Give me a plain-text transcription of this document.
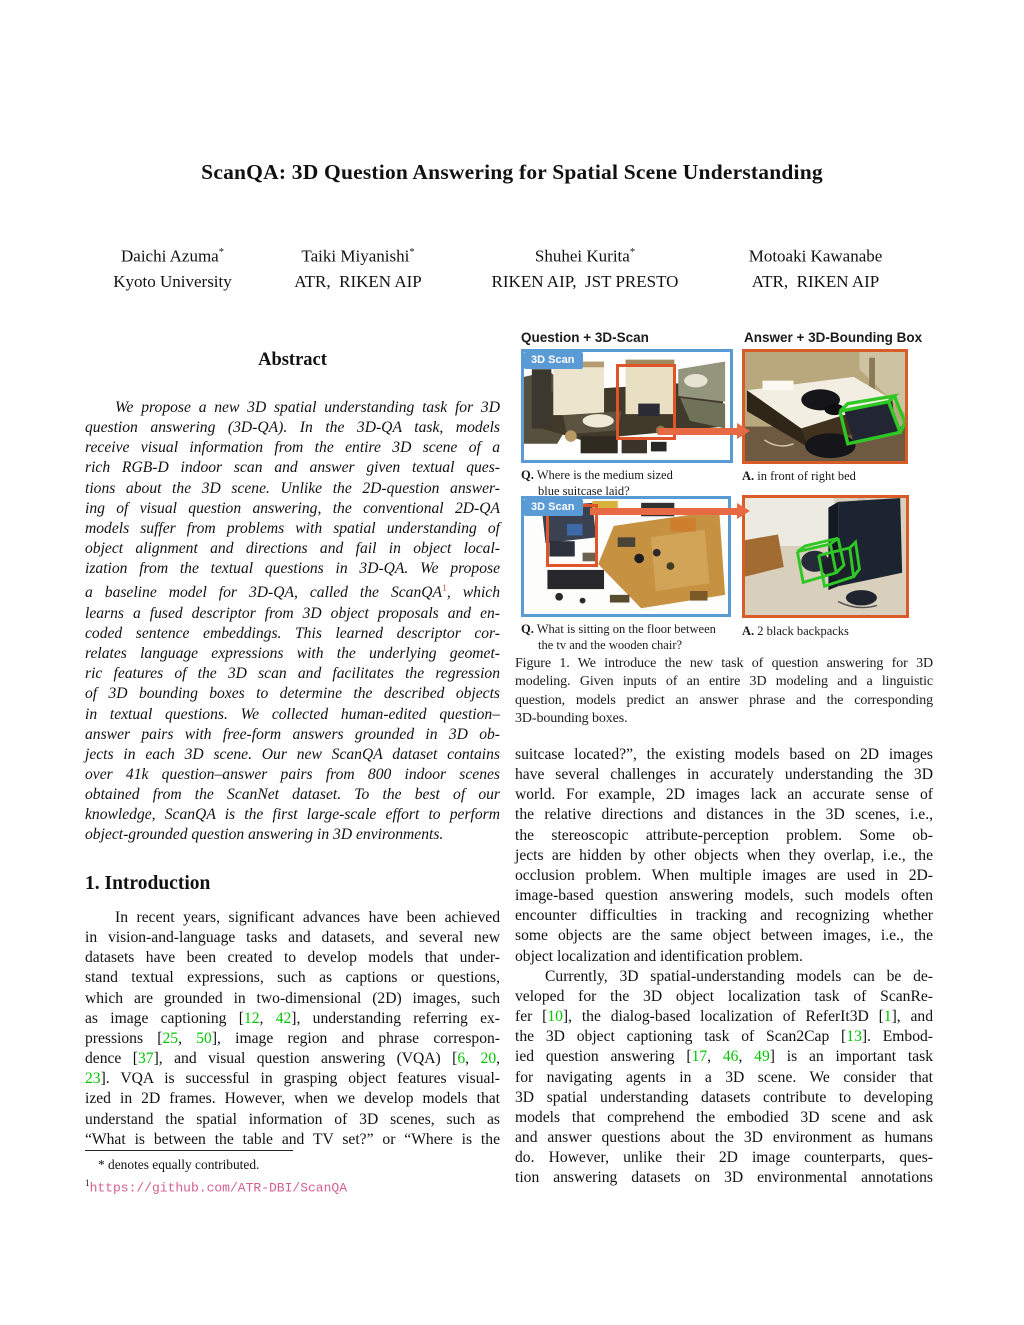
ScanQA: 3D Question Answering for Spatial Scene Understanding
Daichi Azuma*
Kyoto University
Taiki Miyanishi*
ATR,  RIKEN AIP
Shuhei Kurita*
RIKEN AIP,  JST PRESTO
Motoaki Kawanabe
ATR,  RIKEN AIP
Abstract
We propose a new 3D spatial understanding task for 3D
question answering (3D-QA). In the 3D-QA task, models
receive visual information from the entire 3D scene of a
rich RGB-D indoor scan and answer given textual ques-
tions about the 3D scene. Unlike the 2D-question answer-
ing of visual question answering, the conventional 2D-QA
models suffer from problems with spatial understanding of
object alignment and directions and fail in object local-
ization from the textual questions in 3D-QA. We propose
a baseline model for 3D-QA, called the ScanQA$^1$, which
learns a fused descriptor from 3D object proposals and en-
coded sentence embeddings. This learned descriptor cor-
relates language expressions with the underlying geomet-
ric features of the 3D scan and facilitates the regression
of 3D bounding boxes to determine the described objects
in textual questions. We collected human-edited question–
answer pairs with free-form answers grounded in 3D ob-
jects in each 3D scene. Our new ScanQA dataset contains
over 41k question–answer pairs from 800 indoor scenes
obtained from the ScanNet dataset. To the best of our
knowledge, ScanQA is the first large-scale effort to perform
object-grounded question answering in 3D environments.
1. Introduction
In recent years, significant advances have been achieved
in vision-and-language tasks and datasets, and several new
datasets have been created to develop models that under-
stand textual expressions, such as captions or questions,
which are grounded in two-dimensional (2D) images, such
as image captioning [12, 42], understanding referring ex-
pressions [25, 50], image region and phrase correspon-
dence [37], and visual question answering (VQA) [6, 20,
23]. VQA is successful in grasping object features visual-
ized in 2D frames. However, when we develop models that
understand the spatial information of 3D scenes, such as
“What is between the table and TV set?” or “Where is the
Question + 3D-Scan	Answer + 3D-Bounding Box
3D Scan
Q. Where is the medium sized
blue suitcase laid?
A. in front of right bed
3D Scan
Q. What is sitting on the floor between
the tv and the wooden chair?
A. 2 black backpacks
Figure 1. We introduce the new task of question answering for 3D
modeling. Given inputs of an entire 3D modeling and a linguistic
question, models predict an answer phrase and the corresponding
3D-bounding boxes.
suitcase located?”, the existing models based on 2D images
have several challenges in accurately understanding the 3D
world. For example, 2D images lack an accurate sense of
the relative directions and distances in the 3D scenes, i.e.,
the stereoscopic attribute-perception problem. Some ob-
jects are hidden by other objects when they overlap, i.e., the
occlusion problem. When multiple images are used in 2D-
image-based question answering models, such models often
encounter difficulties in tracking and recognizing whether
some objects are the same object between images, i.e., the
object localization and identification problem.
Currently, 3D spatial-understanding models can be de-
veloped for the 3D object localization task of ScanRe-
fer [10], the dialog-based localization of ReferIt3D [1], and
the 3D object captioning task of Scan2Cap [13]. Embod-
ied question answering [17, 46, 49] is an important task
for navigating agents in a 3D scene. We consider that
3D spatial understanding datasets contribute to developing
models that comprehend the embodied 3D scene and ask
and answer questions about the 3D environment as humans
do. However, unlike their 2D image counterparts, ques-
tion answering datasets on 3D environmental annotations
* denotes equally contributed.
$^1$https://github.com/ATR-DBI/ScanQA
